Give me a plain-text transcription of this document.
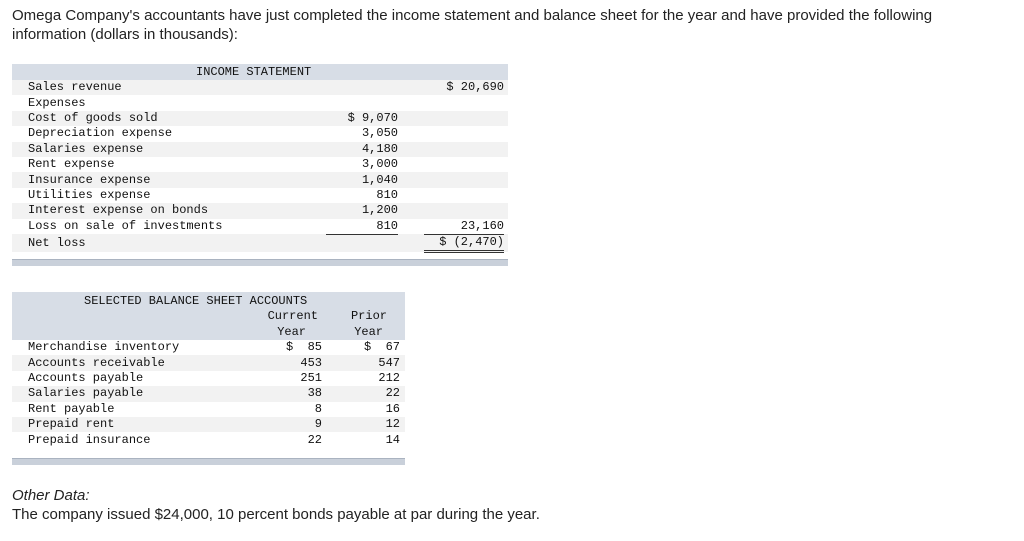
Omega Company's accountants have just completed the income statement and balance sheet for the year and have provided the following information (dollars in thousands):
INCOME STATEMENT
Sales revenue			$ 20,690	
Expenses				
Cost of goods sold	$ 9,070			
Depreciation expense	3,050			
Salaries expense	4,180			
Rent expense	3,000			
Insurance expense	1,040			
Utilities expense	810			
Interest expense on bonds	1,200			
Loss on sale of investments	810		23,160	
Net loss			$ (2,470)	
SELECTED BALANCE SHEET ACCOUNTS
Current
Year
Prior
Year
Merchandise inventory	$  85		$  67	
Accounts receivable	453		547	
Accounts payable	251		212	
Salaries payable	38		22	
Rent payable	8		16	
Prepaid rent	9		12	
Prepaid insurance	22		14	
Other Data:
The company issued $24,000, 10 percent bonds payable at par during the year.
